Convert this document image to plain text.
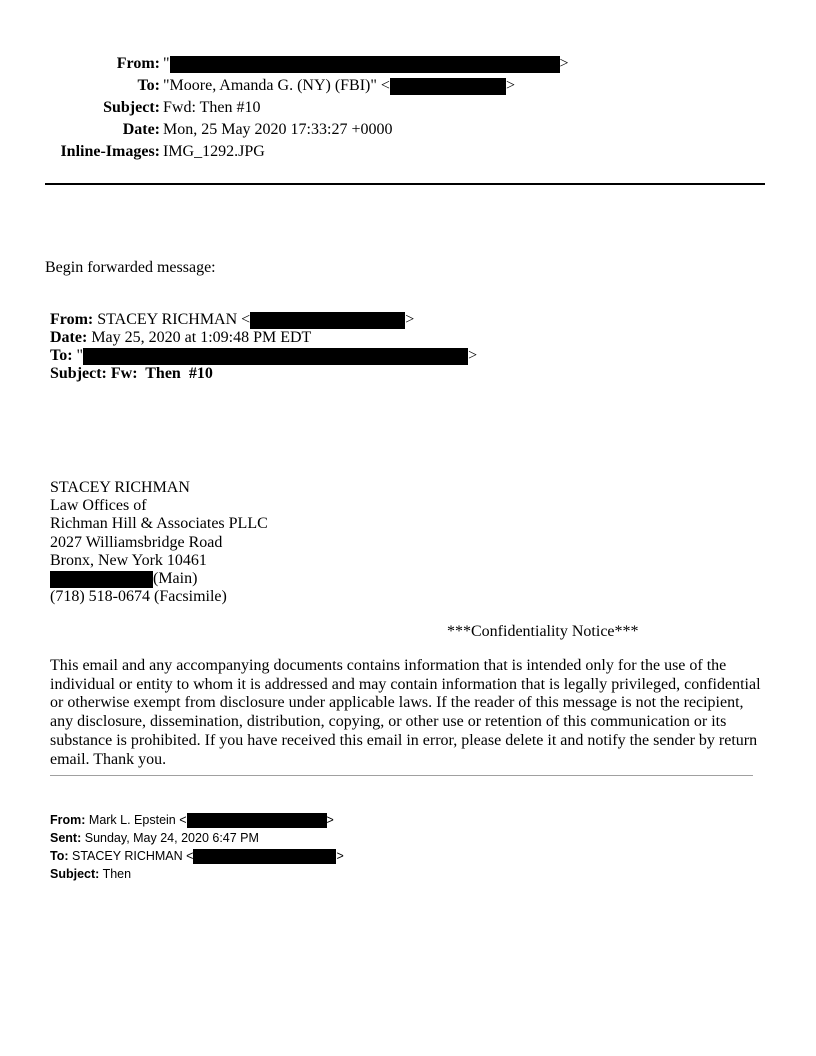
From: "	>
To: "Moore, Amanda G. (NY) (FBI)" <	>
Subject: Fwd: Then #10
Date: Mon, 25 May 2020 17:33:27 +0000
Inline-Images: IMG_1292.JPG
Begin forwarded message:
From: STACEY RICHMAN <	>
Date: May 25, 2020 at 1:09:48 PM EDT
To: "	>
Subject: Fw:  Then  #10
STACEY RICHMAN
Law Offices of
Richman Hill & Associates PLLC
2027 Williamsbridge Road
Bronx, New York 10461
(Main)
(718) 518-0674 (Facsimile)
***Confidentiality Notice***
This email and any accompanying documents contains information that is intended only for the use of the
individual or entity to whom it is addressed and may contain information that is legally privileged, confidential
or otherwise exempt from disclosure under applicable laws. If the reader of this message is not the recipient,
any disclosure, dissemination, distribution, copying, or other use or retention of this communication or its
substance is prohibited. If you have received this email in error, please delete it and notify the sender by return
email. Thank you.
From: Mark L. Epstein <	>
Sent: Sunday, May 24, 2020 6:47 PM
To: STACEY RICHMAN <	>
Subject: Then
